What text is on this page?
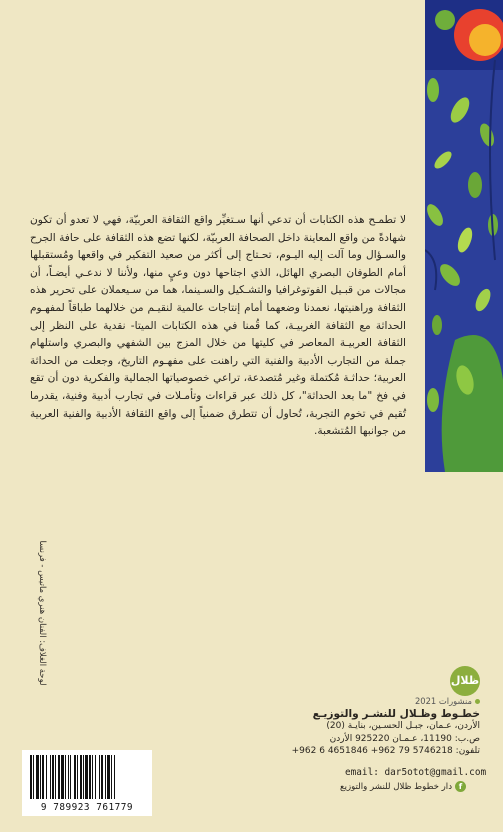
لا تطمـح هذه الكتابات أن تدعي أنها سـتغيِّر واقع الثقافة العربيّة، فهي لا تعدو أن تكون شهادةً من واقع المعاينة داخل الصحافة العربيّة، لكنها تضع هذه الثقافة على حافة الجرح والسـؤال وما آلت إليه اليـوم، تحـتاج إلى أكثر من صعيد التفكير في واقعها ومُستقبلها أمام الطوفان البصري الهائل، الذي اجتاحها دون وعيٍ منها، ولأننا لا ندعـي أيضـاً، أن مجالات من قبـيل الفوتوغرافيا والتشـكيل والسـينما، هما من سـيعملان على تحرير هذه الثقافة وراهنيتها، نعمدنا وضعهما أمام إنتاجات عالمية لنقيـم من خلالهما طباقاً لمفهـوم الحداثة مع الثقافة الغربيـة، كما قُمنا في هذه الكتابات الميتا- نقدية على النظر إلى الثقافة العربيـة المعاصر في كليتها من خلال المزج بين الشفهي والبصري واستلهام جملة من التجارب الأدبية والفنية التي راهنت على مفهـوم التاريخ، وجعلت من الحداثة العربية؛ حداثـة مُكتملة وغير مُتصدعة، تراعي خصوصياتها الجمالية والفكرية دون أن تقع في فخ "ما بعد الحداثة"، كل ذلك عبر قراءات وتأمـلات في تجارب أدبية وفنية، يقدرما تُقيم في تخوم التجربة، تُحاول أن تتطرق ضمنياً إلى واقع الثقافة الأدبية والفنية العربية من جوانبها المُتشعبة.

لوحة الغلاف: الفنان هنري ماتيس - فرنسا	ظلال
منشورات 2021
خطـوط وظـلال للنشـر والتوزيـع
الأردن، عـمان، جبـل الحسـين، بنايـة (20)
ص.ب: 11190، عـمـان 925220 الأردن
تلفون: 5746218 79 962+ 4651846 6 962+
email: dar5otot@gmail.com
fدار خطوط ظلال للنشر والتوزيع
9 789923 761779
